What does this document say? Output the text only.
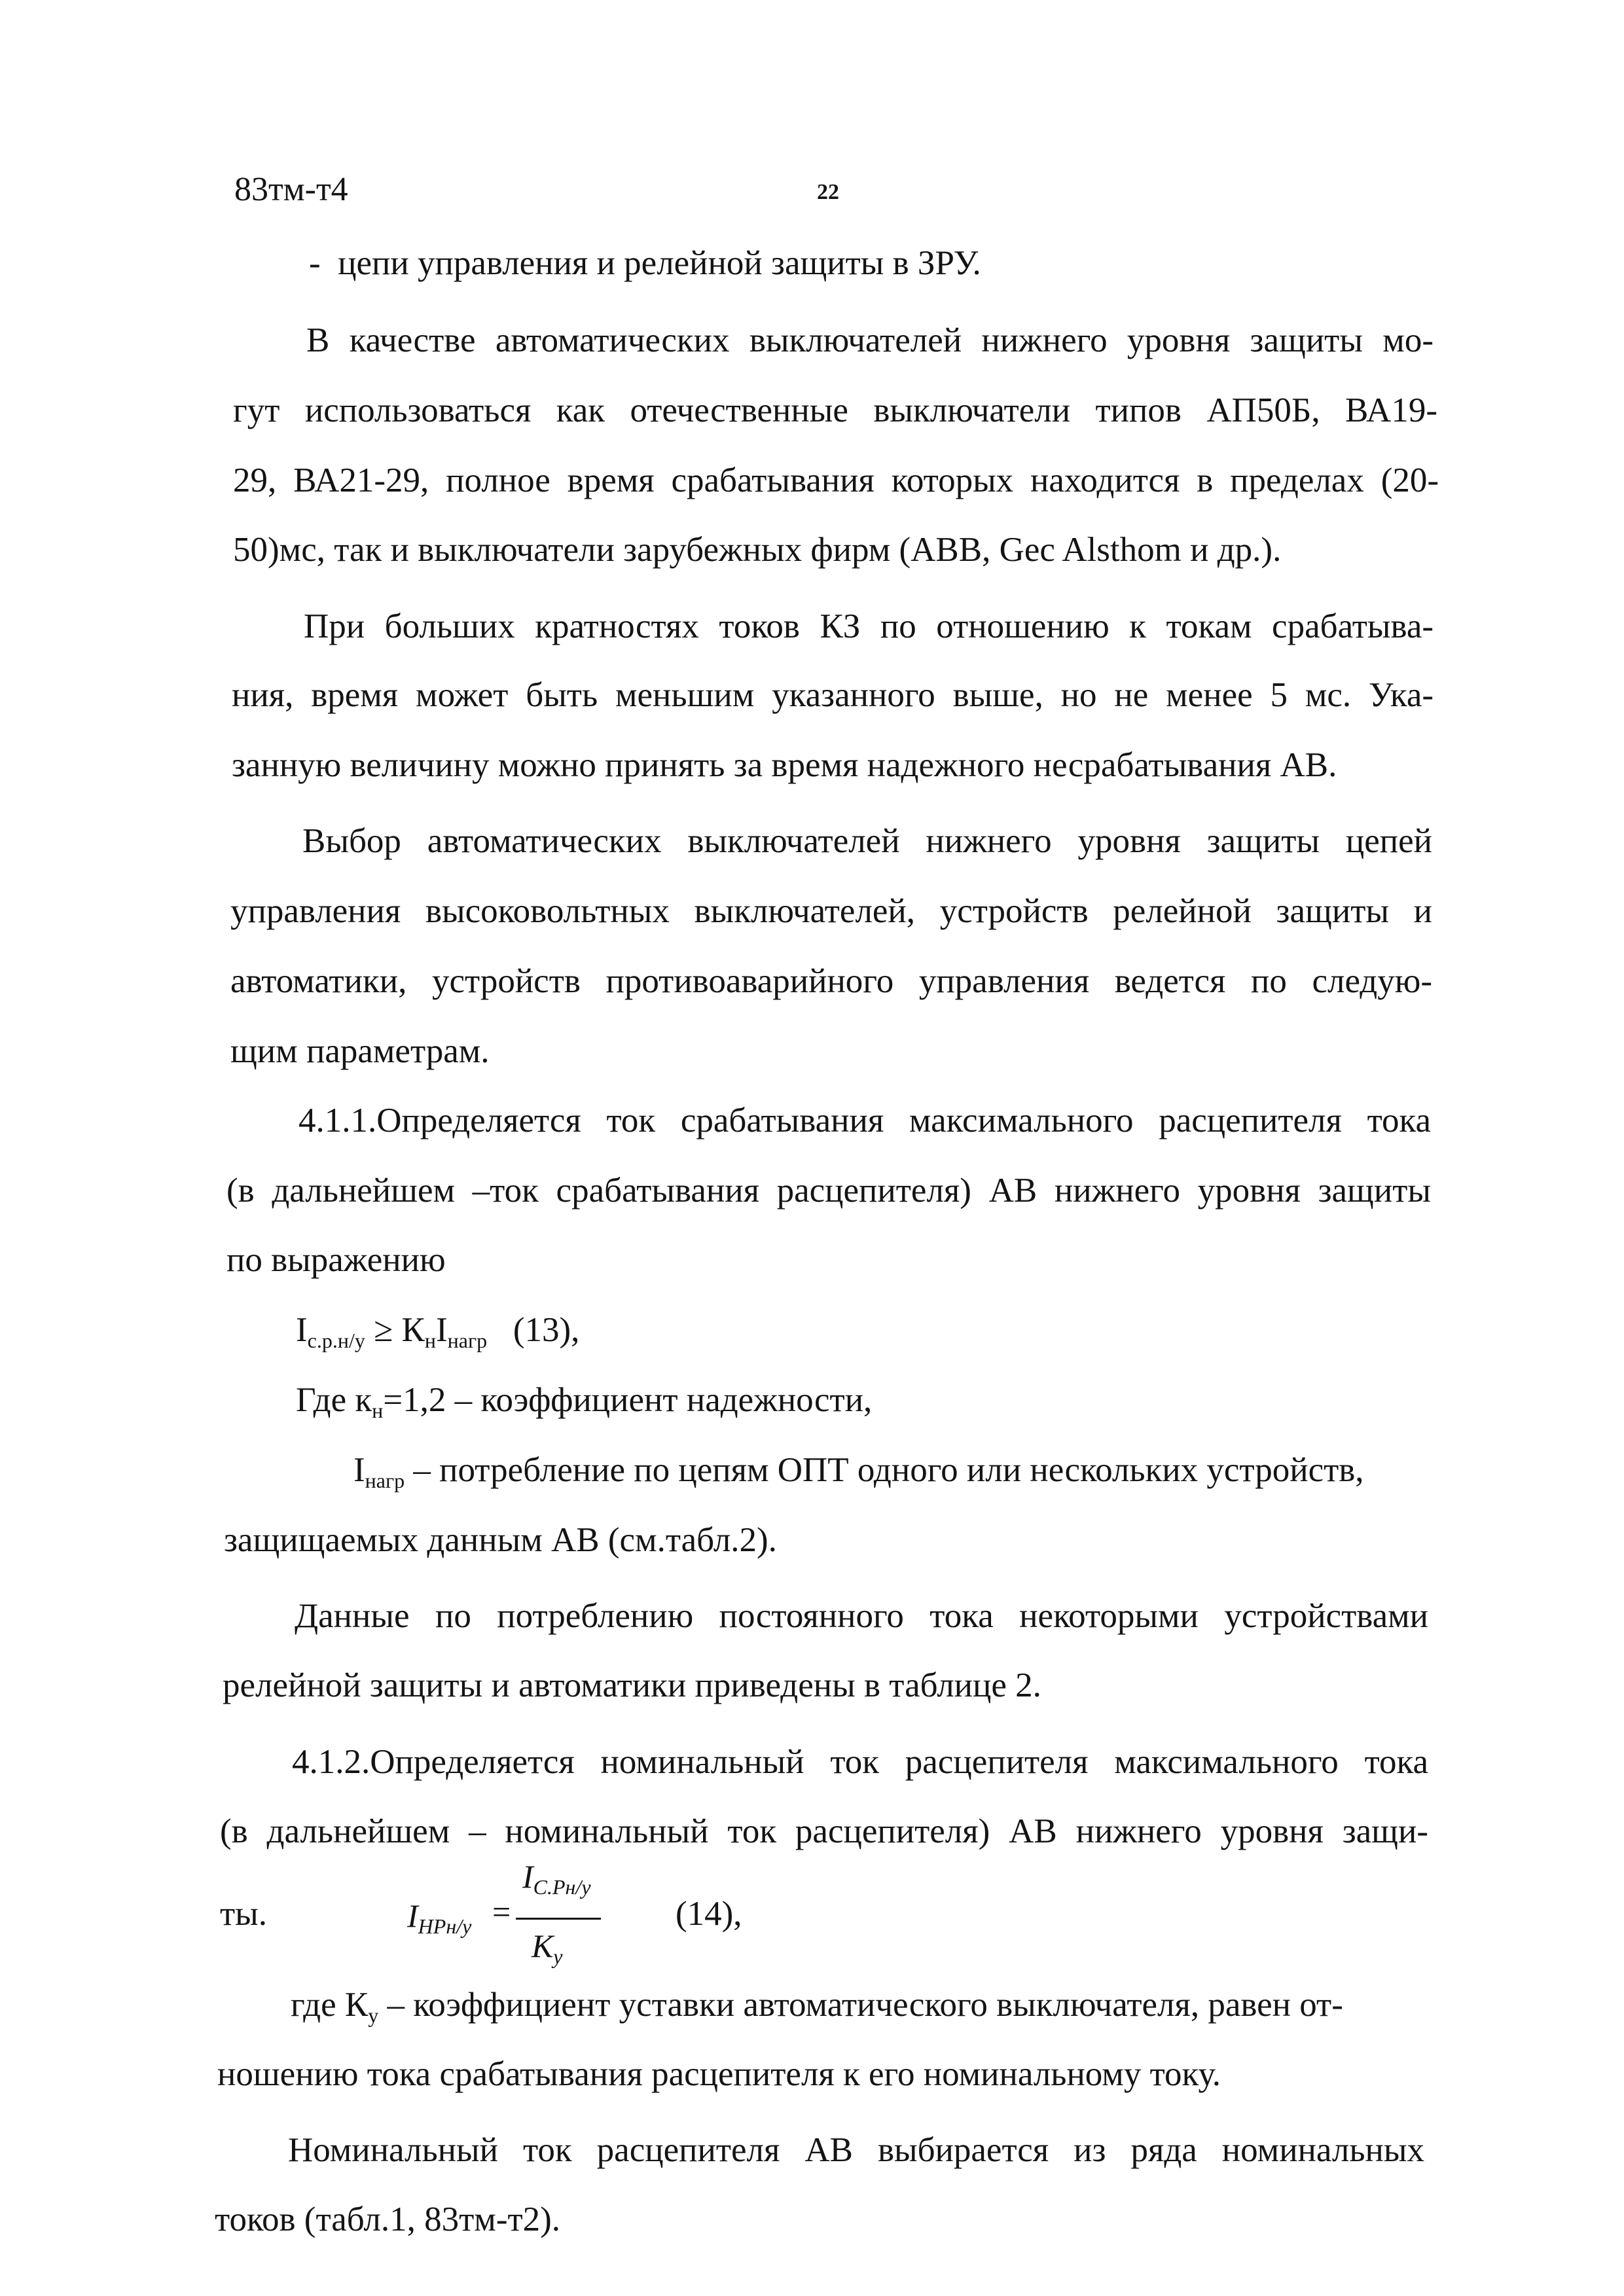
83тм-т4	22
-  цепи управления и релейной защиты в ЗРУ.
В качестве автоматических выключателей нижнего уровня защиты мо-
гут использоваться как отечественные выключатели типов АП50Б, ВА19-
29, ВА21-29, полное время срабатывания которых находится в пределах (20-
50)мс, так и выключатели зарубежных фирм (АВВ, Gec Alsthom и др.).
При больших кратностях токов КЗ по отношению к токам срабатыва-
ния, время может быть меньшим указанного выше, но не менее 5 мс. Ука-
занную величину можно принять за время надежного несрабатывания АВ.
Выбор автоматических выключателей нижнего уровня защиты цепей
управления высоковольтных выключателей, устройств релейной защиты и
автоматики, устройств противоаварийного управления ведется по следую-
щим параметрам.
4.1.1.Определяется ток срабатывания максимального расцепителя тока
(в дальнейшем –ток срабатывания расцепителя) АВ нижнего уровня защиты
по выражению
$I_{с.р.н/у} \ge К_нI_{нагр}$ (13),
Где $к_н=1,2$ – коэффициент надежности,
$I_{нагр}$ – потребление по цепям ОПТ одного или нескольких устройств,
защищаемых данным АВ (см.табл.2).
Данные по потреблению постоянного тока некоторыми устройствами
релейной защиты и автоматики приведены в таблице 2.
4.1.2.Определяется номинальный ток расцепителя максимального тока
(в дальнейшем – номинальный ток расцепителя) АВ нижнего уровня защи-
ты.	$I_{НРн/у}$ =
$I_{С.Рн/у}$
$К_у$
(14),
где $К_у$ – коэффициент уставки автоматического выключателя, равен от-
ношению тока срабатывания расцепителя к его номинальному току.
Номинальный ток расцепителя АВ выбирается из ряда номинальных
токов (табл.1, 83тм-т2).
